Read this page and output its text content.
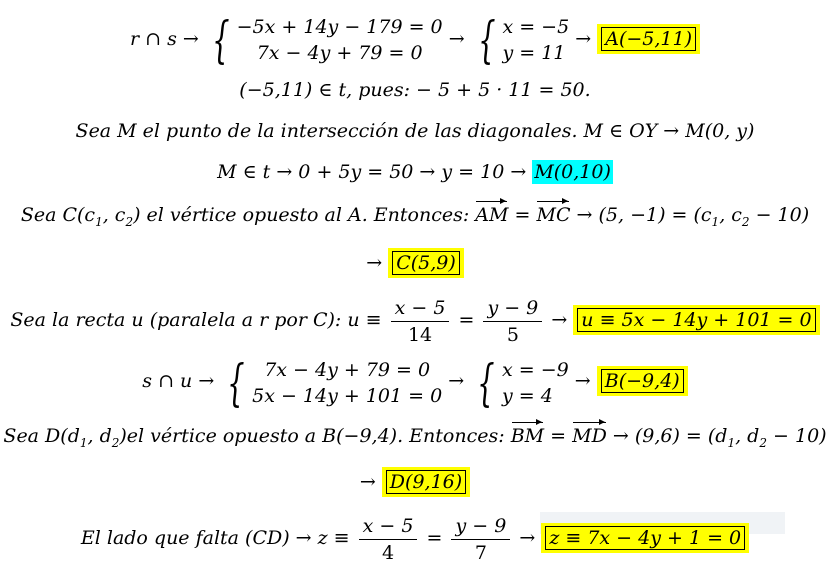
r ∩ s → { −5x + 14y − 179 = 0
7x − 4y + 79 = 0
→ { x = −5
y = 11
→ A(−5,11)
(−5,11) ∈ t, pues: − 5 + 5 · 11 = 50.
Sea M el punto de la intersección de las diagonales. M ∈ OY → M(0, y)
M ∈ t → 0 + 5y = 50 → y = 10 → M(0,10)
Sea $C(c_1$, $c_2$) el vértice opuesto al A. Entonces: AM = MC → (5, $-1) = (c_1$, $c_2 - 10$)
→ C(5,9)
Sea la recta u (paralela a r por C): $u \equiv \frac{x - 5}{14} = \frac{y - 9}{5} \to u \equiv 5x - 14y + 101 = 0$
s ∩ u → {	7x − 4y + 79 = 0
5x − 14y + 101 = 0
→ { x = −9
y = 4
→ B(−9,4)
Sea $D(d_1$, $d_2)el$ vértice opuesto a B(−9,4). Entonces: BM = MD → $(9,6) = (d_1$, $d_2 - 10$)
→ D(9,16)
El lado que falta $(CD) \to z \equiv \frac{x - 5}{4} = \frac{y - 9}{7} \to z \equiv 7x - 4y + 1 = 0$
